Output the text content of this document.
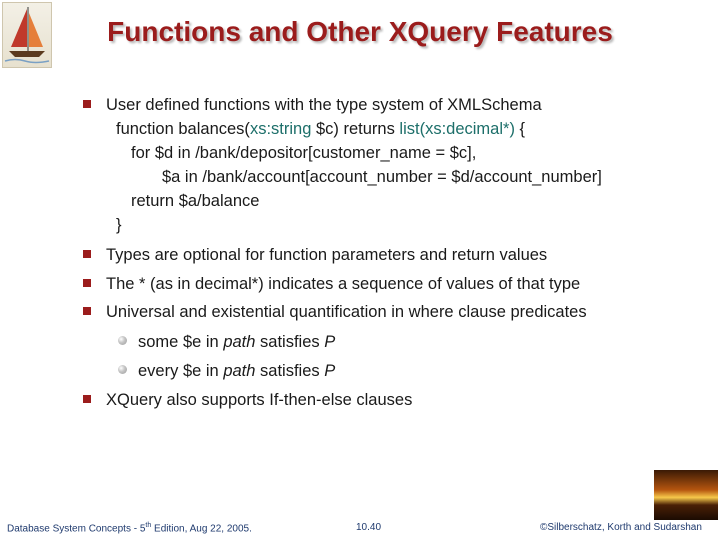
Functions and Other XQuery Features
User defined functions with the type system of XMLSchema
function balances(xs:string $c) returns list(xs:decimal*) {
for $d in /bank/depositor[customer_name = $c],
$a in /bank/account[account_number = $d/account_number]
return $a/balance
}
Types are optional for function parameters and return values
The * (as in decimal*) indicates a sequence of values of that type
Universal and existential quantification in where clause predicates
some $e in path satisfies P
every $e in path satisfies P
XQuery also supports If-then-else clauses
Database System Concepts - 5th Edition, Aug 22, 2005.	10.40	©Silberschatz, Korth and Sudarshan
